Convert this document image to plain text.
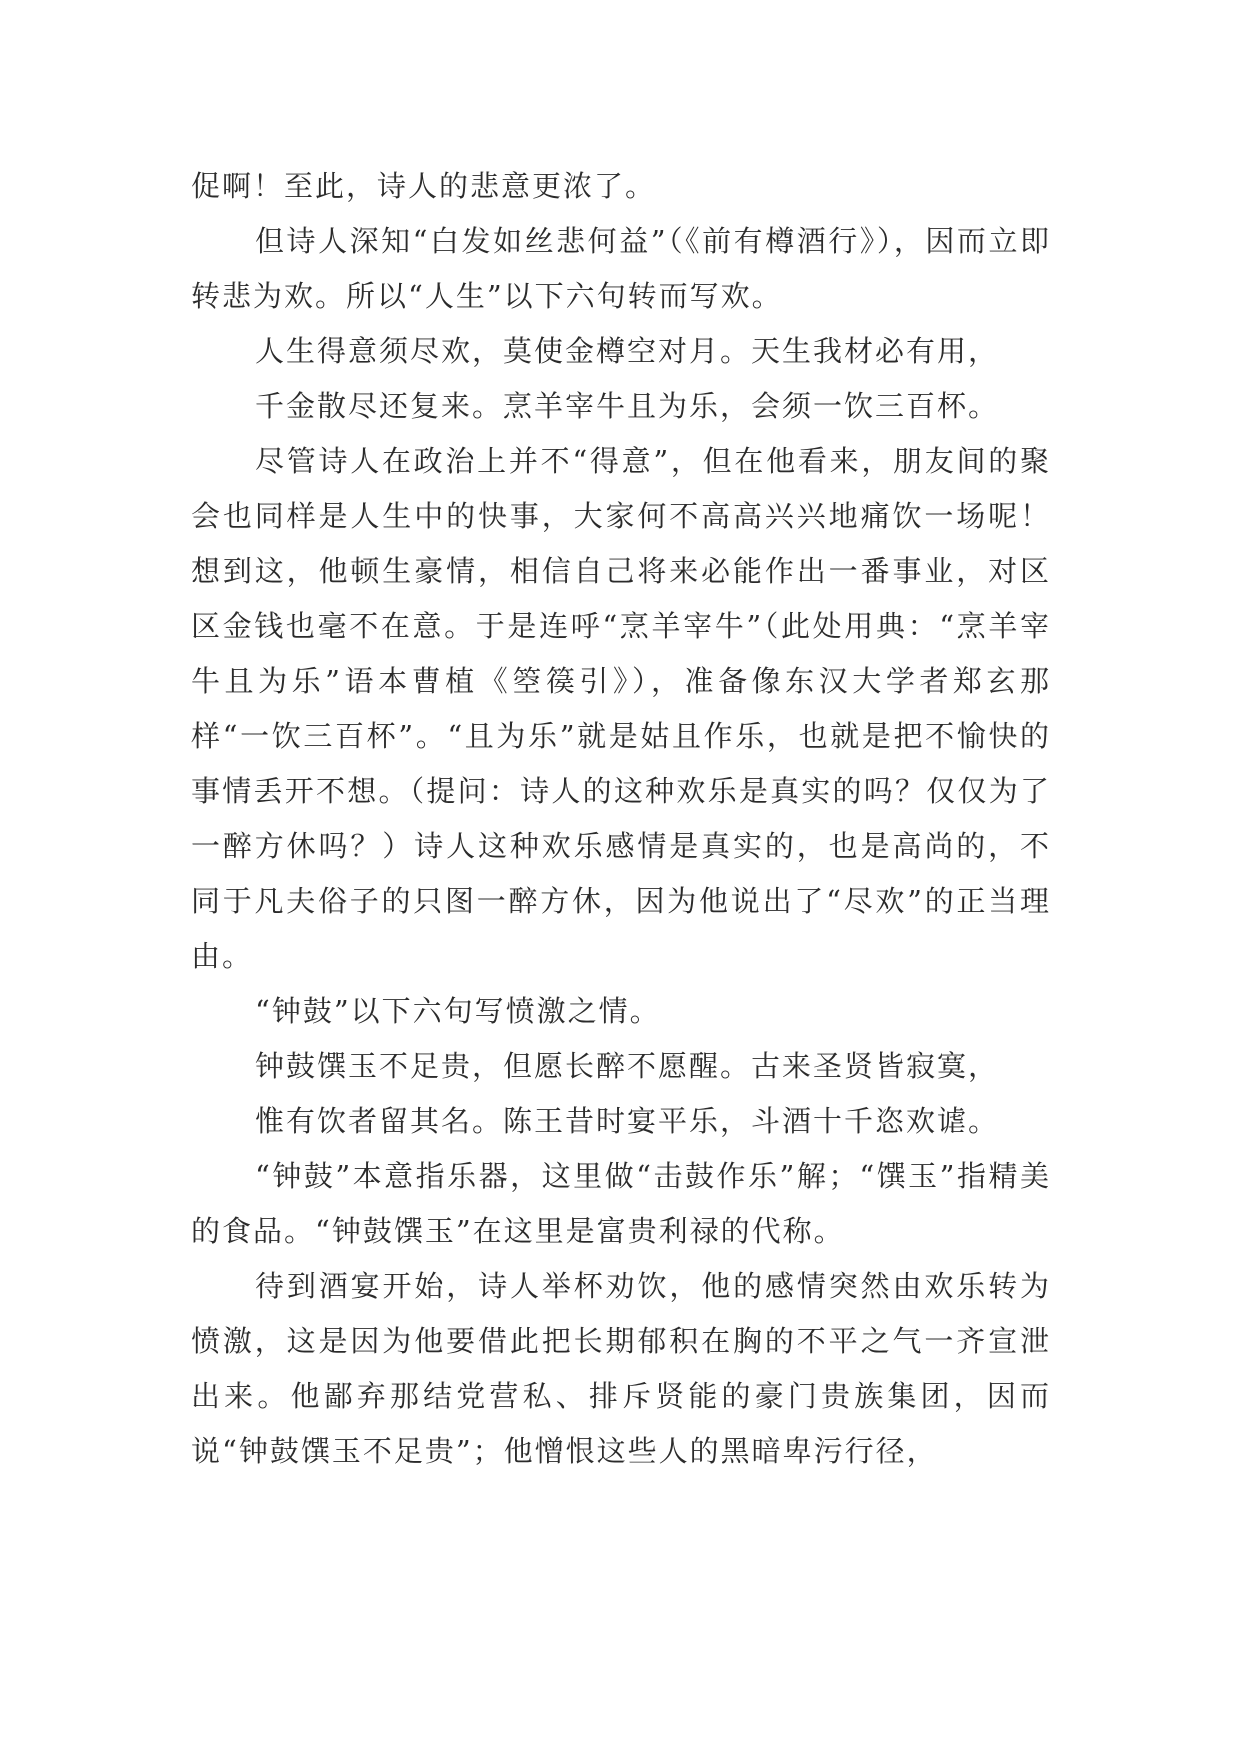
促啊！至此，诗人的悲意更浓了。

但诗人深知“白发如丝悲何益”（《前有樽酒行》），因而立即转悲为欢。所以“人生”以下六句转而写欢。

人生得意须尽欢，莫使金樽空对月。天生我材必有用，

千金散尽还复来。烹羊宰牛且为乐，会须一饮三百杯。

尽管诗人在政治上并不“得意”，但在他看来，朋友间的聚会也同样是人生中的快事，大家何不高高兴兴地痛饮一场呢！想到这，他顿生豪情，相信自己将来必能作出一番事业，对区区金钱也毫不在意。于是连呼“烹羊宰牛”（此处用典：“烹羊宰牛且为乐”语本曹植《箜篌引》），准备像东汉大学者郑玄那样“一饮三百杯”。“且为乐”就是姑且作乐，也就是把不愉快的事情丢开不想。（提问：诗人的这种欢乐是真实的吗？仅仅为了一醉方休吗？）诗人这种欢乐感情是真实的，也是高尚的，不同于凡夫俗子的只图一醉方休，因为他说出了“尽欢”的正当理由。

“钟鼓”以下六句写愤激之情。

钟鼓馔玉不足贵，但愿长醉不愿醒。古来圣贤皆寂寞，

惟有饮者留其名。陈王昔时宴平乐，斗酒十千恣欢谑。

“钟鼓”本意指乐器，这里做“击鼓作乐”解；“馔玉”指精美的食品。“钟鼓馔玉”在这里是富贵利禄的代称。

待到酒宴开始，诗人举杯劝饮，他的感情突然由欢乐转为愤激，这是因为他要借此把长期郁积在胸的不平之气一齐宣泄出来。他鄙弃那结党营私、排斥贤能的豪门贵族集团，因而说“钟鼓馔玉不足贵”；他憎恨这些人的黑暗卑污行径，
